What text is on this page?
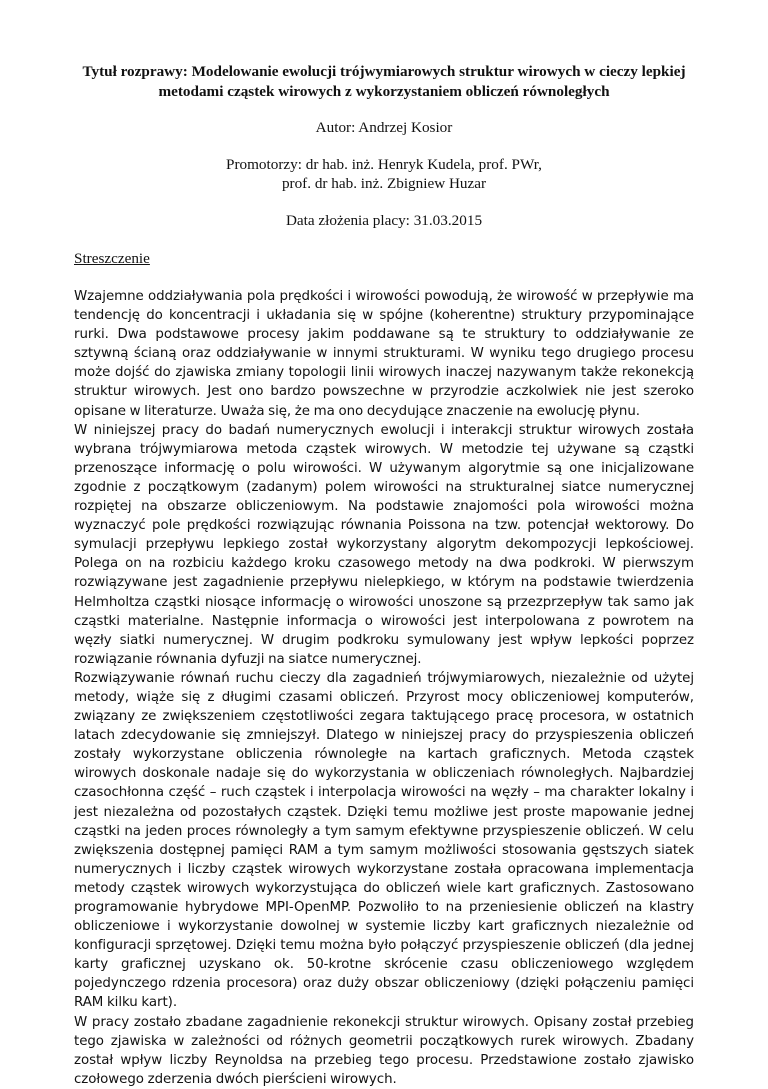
Tytuł rozprawy: Modelowanie ewolucji trójwymiarowych struktur wirowych w cieczy lepkiej metodami cząstek wirowych z wykorzystaniem obliczeń równoległych

Autor: Andrzej Kosior

Promotorzy: dr hab. inż. Henryk Kudela, prof. PWr,

prof. dr hab. inż. Zbigniew Huzar

Data złożenia placy: 31.03.2015

Streszczenie

Wzajemne oddziaływania pola prędkości i wirowości powodują, że wirowość w przepływie ma tendencję do koncentracji i układania się w spójne (koherentne) struktury przypominające rurki. Dwa podstawowe procesy jakim poddawane są te struktury to oddziaływanie ze sztywną ścianą oraz oddziaływanie w innymi strukturami. W wyniku tego drugiego procesu może dojść do zjawiska zmiany topologii linii wirowych inaczej nazywanym także rekonekcją struktur wirowych. Jest ono bardzo powszechne w przyrodzie aczkolwiek nie jest szeroko opisane w literaturze. Uważa się, że ma ono decydujące znaczenie na ewolucję płynu.

W niniejszej pracy do badań numerycznych ewolucji i interakcji struktur wirowych została wybrana trójwymiarowa metoda cząstek wirowych. W metodzie tej używane są cząstki przenoszące informację o polu wirowości. W używanym algorytmie są one inicjalizowane zgodnie z początkowym (zadanym) polem wirowości na strukturalnej siatce numerycznej rozpiętej na obszarze obliczeniowym. Na podstawie znajomości pola wirowości można wyznaczyć pole prędkości rozwiązując równania Poissona na tzw. potencjał wektorowy. Do symulacji przepływu lepkiego został wykorzystany algorytm dekompozycji lepkościowej. Polega on na rozbiciu każdego kroku czasowego metody na dwa podkroki. W pierwszym rozwiązywane jest zagadnienie przepływu nielepkiego, w którym na podstawie twierdzenia Helmholtza cząstki niosące informację o wirowości unoszone są przezprzepływ tak samo jak cząstki materialne. Następnie informacja o wirowości jest interpolowana z powrotem na węzły siatki numerycznej. W drugim podkroku symulowany jest wpływ lepkości poprzez rozwiązanie równania dyfuzji na siatce numerycznej.

Rozwiązywanie równań ruchu cieczy dla zagadnień trójwymiarowych, niezależnie od użytej metody, wiąże się z długimi czasami obliczeń. Przyrost mocy obliczeniowej komputerów, związany ze zwiększeniem częstotliwości zegara taktującego pracę procesora, w ostatnich latach zdecydowanie się zmniejszył. Dlatego w niniejszej pracy do przyspieszenia obliczeń zostały wykorzystane obliczenia równoległe na kartach graficznych. Metoda cząstek wirowych doskonale nadaje się do wykorzystania w obliczeniach równoległych. Najbardziej czasochłonna część – ruch cząstek i interpolacja wirowości na węzły – ma charakter lokalny i jest niezależna od pozostałych cząstek. Dzięki temu możliwe jest proste mapowanie jednej cząstki na jeden proces równoległy a tym samym efektywne przyspieszenie obliczeń. W celu zwiększenia dostępnej pamięci RAM a tym samym możliwości stosowania gęstszych siatek numerycznych i liczby cząstek wirowych wykorzystane została opracowana implementacja metody cząstek wirowych wykorzystująca do obliczeń wiele kart graficznych. Zastosowano programowanie hybrydowe MPI-OpenMP. Pozwoliło to na przeniesienie obliczeń na klastry obliczeniowe i wykorzystanie dowolnej w systemie liczby kart graficznych niezależnie od konfiguracji sprzętowej. Dzięki temu można było połączyć przyspieszenie obliczeń (dla jednej karty graficznej uzyskano ok. 50-krotne skrócenie czasu obliczeniowego względem pojedynczego rdzenia procesora) oraz duży obszar obliczeniowy (dzięki połączeniu pamięci RAM kilku kart).

W pracy zostało zbadane zagadnienie rekonekcji struktur wirowych. Opisany został przebieg tego zjawiska w zależności od różnych geometrii początkowych rurek wirowych. Zbadany został wpływ liczby Reynoldsa na przebieg tego procesu. Przedstawione zostało zjawisko czołowego zderzenia dwóch pierścieni wirowych.
